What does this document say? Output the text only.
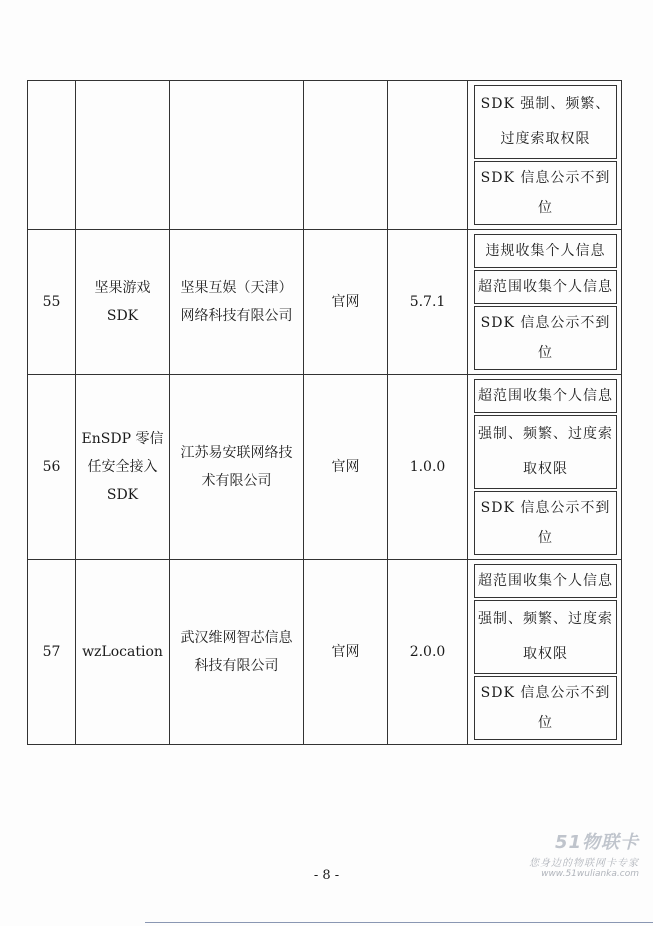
					SDK 强制、频繁、过度索取权限
SDK 信息公示不到位

55	坚果游戏SDK	坚果互娱（天津）网络科技有限公司	官网	5.7.1	违规收集个人信息
超范围收集个人信息
SDK 信息公示不到位

56	EnSDP 零信任安全接入SDK	江苏易安联网络技术有限公司	官网	1.0.0	超范围收集个人信息
强制、频繁、过度索取权限
SDK 信息公示不到位

57	wzLocation	武汉维网智芯信息科技有限公司	官网	2.0.0	超范围收集个人信息
强制、频繁、过度索取权限
SDK 信息公示不到位
51物联卡
您身边的物联网卡专家
www.51wulianka.com
- 8 -
